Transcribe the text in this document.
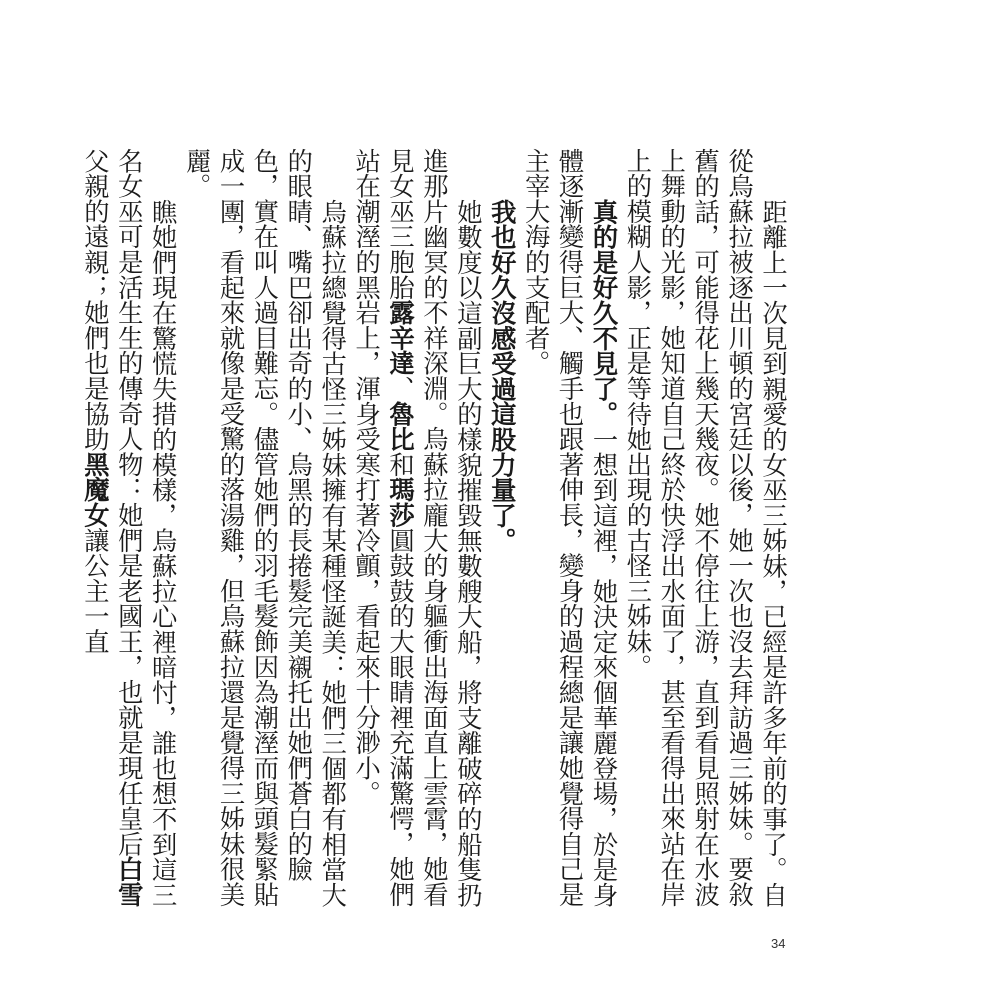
距離上一次見到親愛的女巫三姊妹，已經是許多年前的事了。自從烏蘇拉被逐出川頓的宮廷以後，她一次也沒去拜訪過三姊妹。要敘舊的話，可能得花上幾天幾夜。她不停往上游，直到看見照射在水波上舞動的光影，她知道自己終於快浮出水面了，甚至看得出來站在岸上的模糊人影，正是等待她出現的古怪三姊妹。

真的是好久不見了。一想到這裡，她決定來個華麗登場，於是身體逐漸變得巨大、觸手也跟著伸長，變身的過程總是讓她覺得自己是主宰大海的支配者。

我也好久沒感受過這股力量了。

她數度以這副巨大的樣貌摧毀無數艘大船，將支離破碎的船隻扔進那片幽冥的不祥深淵。烏蘇拉龐大的身軀衝出海面直上雲霄，她看見女巫三胞胎露辛達、魯比和瑪莎圓鼓鼓的大眼睛裡充滿驚愕，她們站在潮溼的黑岩上，渾身受寒打著冷顫，看起來十分渺小。

烏蘇拉總覺得古怪三姊妹擁有某種怪誕美：她們三個都有相當大的眼睛、嘴巴卻出奇的小、烏黑的長捲髮完美襯托出她們蒼白的臉色，實在叫人過目難忘。儘管她們的羽毛髮飾因為潮溼而與頭髮緊貼成一團，看起來就像是受驚的落湯雞，但烏蘇拉還是覺得三姊妹很美麗。

瞧她們現在驚慌失措的模樣，烏蘇拉心裡暗忖，誰也想不到這三名女巫可是活生生的傳奇人物：她們是老國王，也就是現任皇后白雪父親的遠親；她們也是協助黑魔女讓公主一直

34
